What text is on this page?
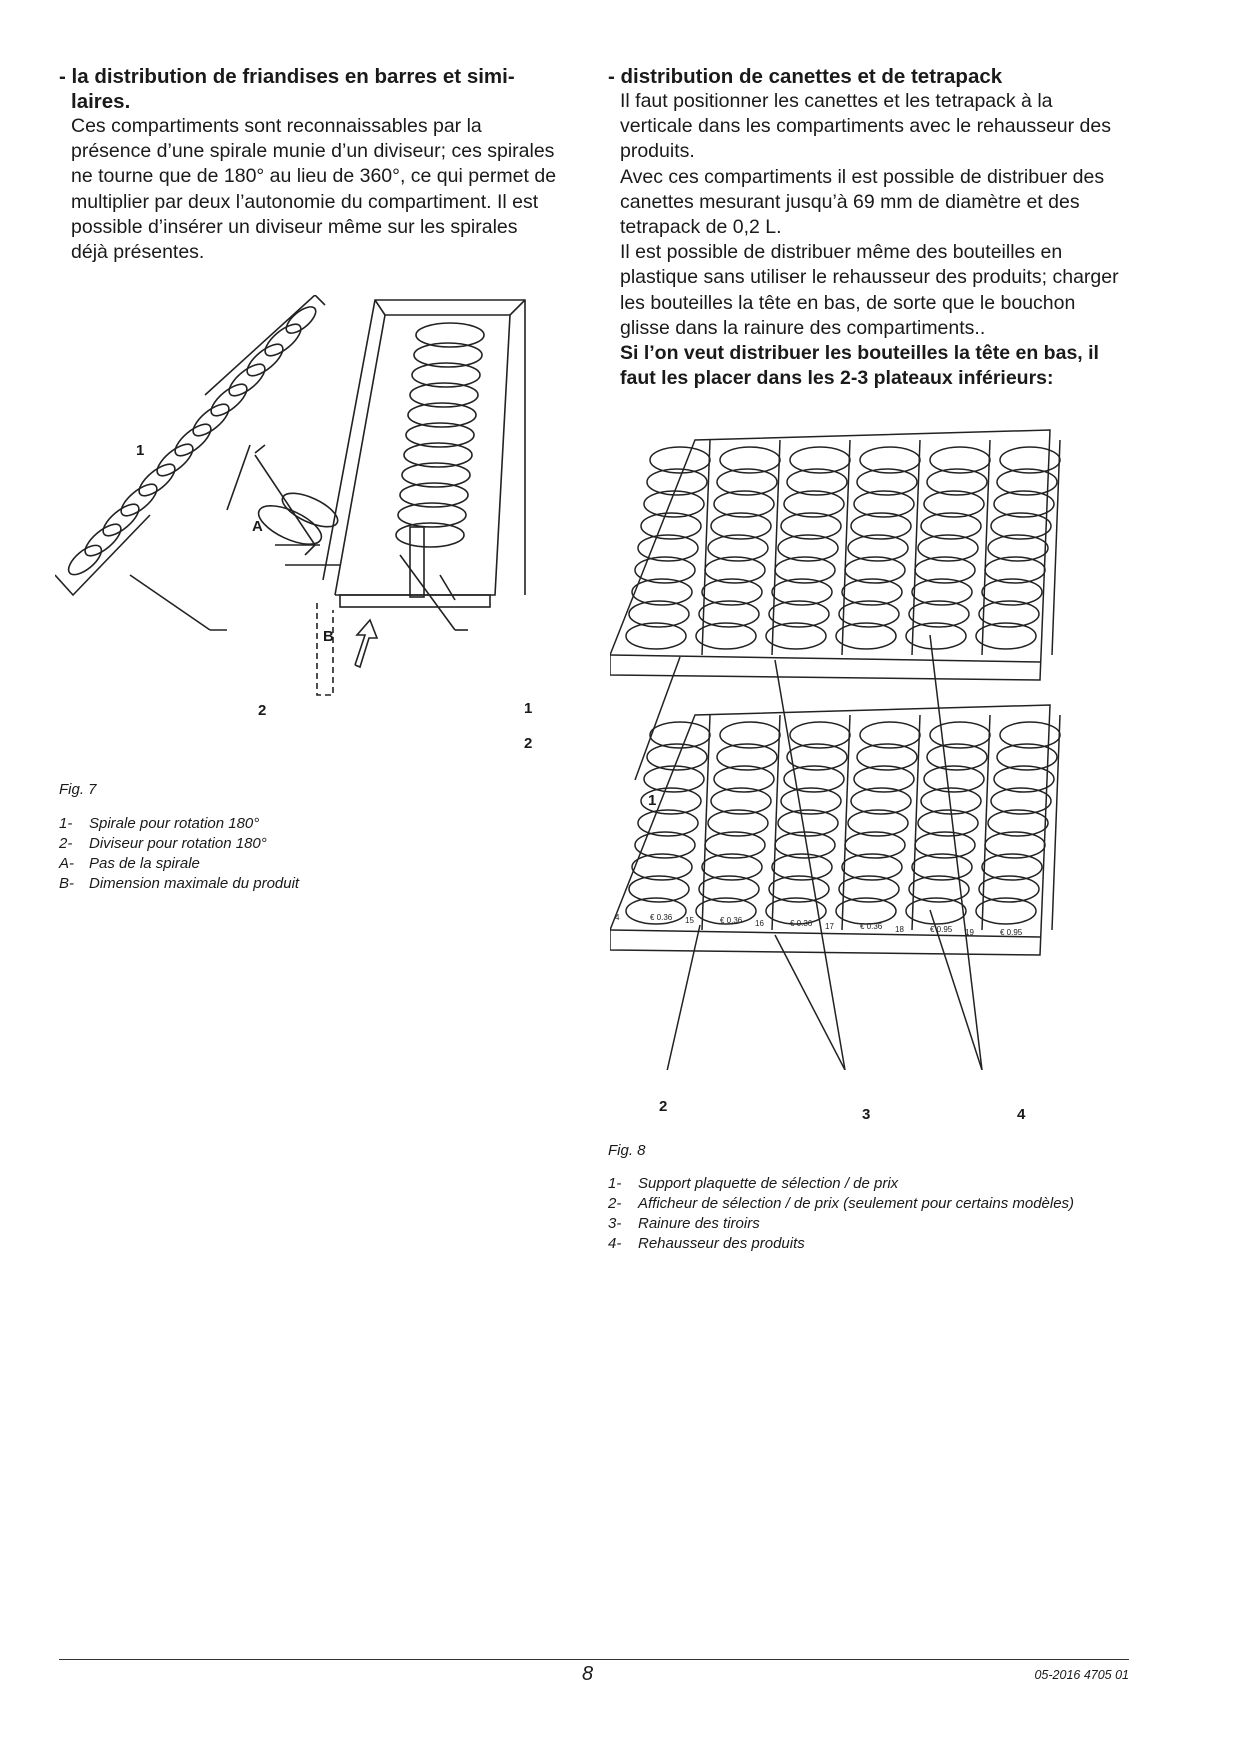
- la distribution de friandises en barres et simi-laires.

Ces compartiments sont reconnaissables par la présence d’une spirale munie d’un diviseur; ces spirales ne tourne que de 180° au lieu de 360°, ce qui permet de multiplier par deux l’autonomie du compartiment. Il est possible d’insérer un diviseur même sur les spirales déjà présentes.

- distribution de canettes et de tetrapack

Il faut positionner les canettes et les tetrapack à la verticale dans les compartiments avec le rehausseur des produits.

Avec ces compartiments il est possible de distribuer des canettes mesurant jusqu’à 69 mm de diamètre et des tetrapack de 0,2 L.

Il est possible de distribuer même des bouteilles en plastique sans utiliser le rehausseur des produits; charger les bouteilles la tête en bas, de sorte que le bouchon glisse dans la rainure des compartiments..

Si l’on veut distribuer les bouteilles la tête en bas, il faut les placer dans les 2-3 plateaux inférieurs:

1
A
B
2	1
2

Fig. 7

1-	Spirale pour rotation 180°
2-	Diviseur pour rotation 180°
A-	Pas de la spirale
B-	Dimension maximale du produit
4	€ 0.36 15	€ 0.36 16	€ 0.36 17	€ 0.36 18	€ 0.95 19	€ 0.95
1
2	3	4

Fig. 8

1-	Support plaquette de sélection / de prix
2-	Afficheur de sélection / de prix (seulement pour certains modèles)
3-	Rainure des tiroirs
4-	Rehausseur des produits
8	05-2016 4705 01
